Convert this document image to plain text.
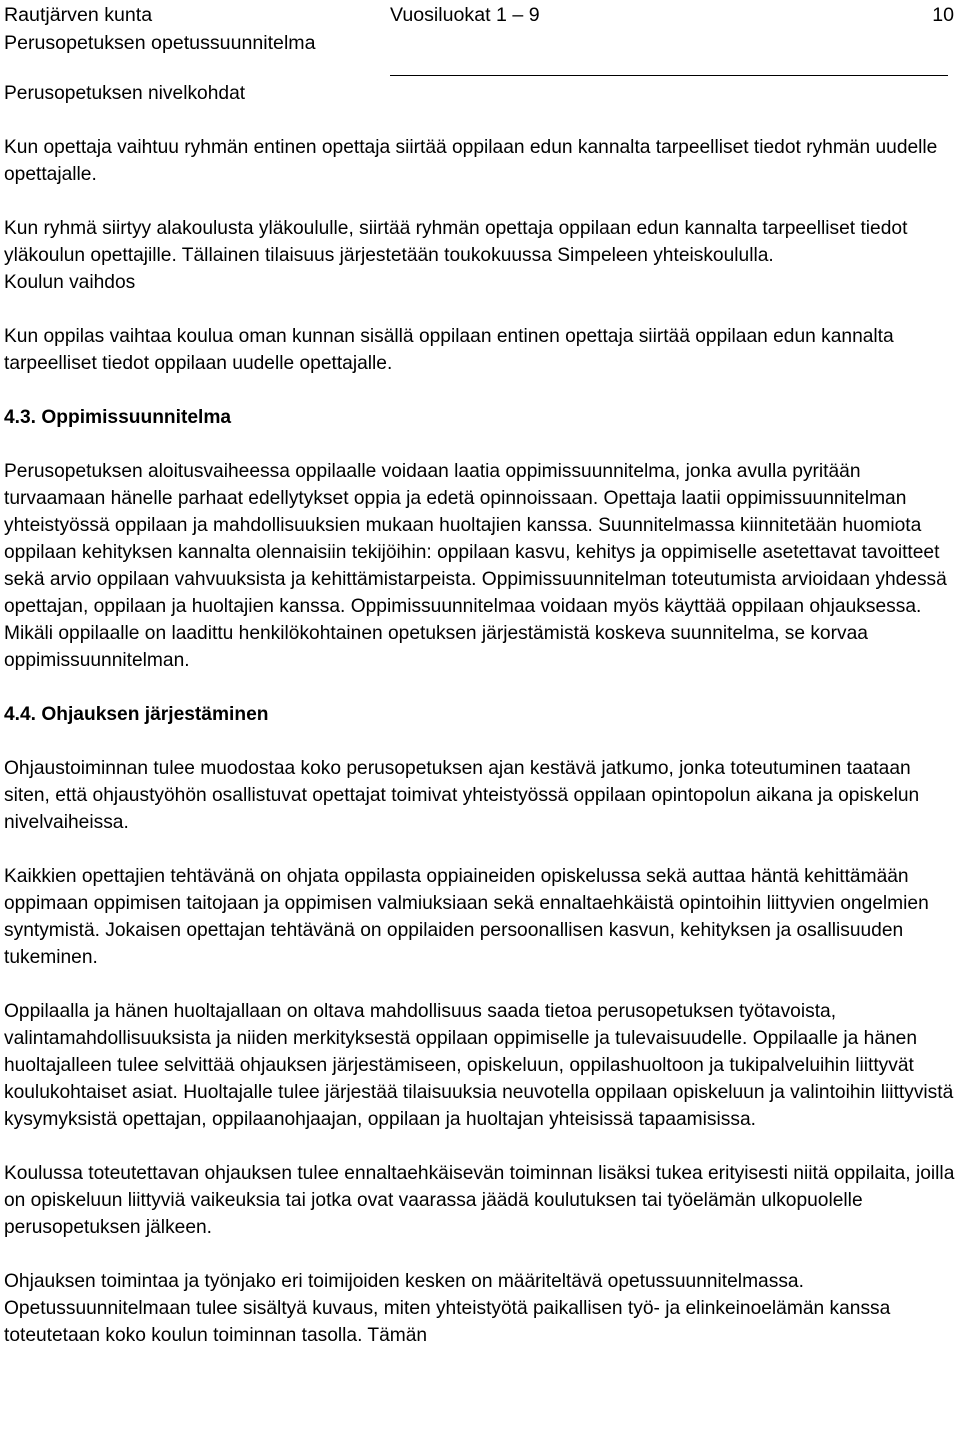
Rautjärven kunta	Vuosiluokat 1 – 9	10
Perusopetuksen opetussuunnitelma
Perusopetuksen nivelkohdat

Kun opettaja vaihtuu ryhmän entinen opettaja siirtää oppilaan edun kannalta tarpeelliset tiedot ryhmän uudelle opettajalle.

Kun ryhmä siirtyy alakoulusta yläkoululle, siirtää ryhmän opettaja oppilaan edun kannalta tarpeelliset tiedot yläkoulun opettajille. Tällainen tilaisuus järjestetään toukokuussa Simpeleen yhteiskoululla.

Koulun vaihdos

Kun oppilas vaihtaa koulua oman kunnan sisällä oppilaan entinen opettaja siirtää oppilaan edun kannalta tarpeelliset tiedot oppilaan uudelle opettajalle.

4.3. Oppimissuunnitelma

Perusopetuksen aloitusvaiheessa oppilaalle voidaan laatia oppimissuunnitelma, jonka avulla pyritään turvaamaan hänelle parhaat edellytykset oppia ja edetä opinnoissaan. Opettaja laatii oppimissuunnitelman yhteistyössä oppilaan ja mahdollisuuksien mukaan huoltajien kanssa. Suunnitelmassa kiinnitetään huomiota oppilaan kehityksen kannalta olennaisiin tekijöihin: oppilaan kasvu, kehitys ja oppimiselle asetettavat tavoitteet sekä arvio oppilaan vahvuuksista ja kehittämistarpeista. Oppimissuunnitelman toteutumista arvioidaan yhdessä opettajan, oppilaan ja huoltajien kanssa. Oppimissuunnitelmaa voidaan myös käyttää oppilaan ohjauksessa. Mikäli oppilaalle on laadittu henkilökohtainen opetuksen järjestämistä koskeva suunnitelma, se korvaa oppimissuunnitelman.

4.4. Ohjauksen järjestäminen

Ohjaustoiminnan tulee muodostaa koko perusopetuksen ajan kestävä jatkumo, jonka toteutuminen taataan siten, että ohjaustyöhön osallistuvat opettajat toimivat yhteistyössä oppilaan opintopolun aikana ja opiskelun nivelvaiheissa.

Kaikkien opettajien tehtävänä on ohjata oppilasta oppiaineiden opiskelussa sekä auttaa häntä kehittämään oppimaan oppimisen taitojaan ja oppimisen valmiuksiaan sekä ennaltaehkäistä opintoihin liittyvien ongelmien syntymistä. Jokaisen opettajan tehtävänä on oppilaiden persoonallisen kasvun, kehityksen ja osallisuuden tukeminen.

Oppilaalla ja hänen huoltajallaan on oltava mahdollisuus saada tietoa perusopetuksen työtavoista, valintamahdollisuuksista ja niiden merkityksestä oppilaan oppimiselle ja tulevaisuudelle. Oppilaalle ja hänen huoltajalleen tulee selvittää ohjauksen järjestämiseen, opiskeluun, oppilashuoltoon ja tukipalveluihin liittyvät koulukohtaiset asiat. Huoltajalle tulee järjestää tilaisuuksia neuvotella oppilaan opiskeluun ja valintoihin liittyvistä kysymyksistä opettajan, oppilaanohjaajan, oppilaan ja huoltajan yhteisissä tapaamisissa.

Koulussa toteutettavan ohjauksen tulee ennaltaehkäisevän toiminnan lisäksi tukea erityisesti niitä oppilaita, joilla on opiskeluun liittyviä vaikeuksia tai jotka ovat vaarassa jäädä koulutuksen tai työelämän ulkopuolelle perusopetuksen jälkeen.

Ohjauksen toimintaa ja työnjako eri toimijoiden kesken on määriteltävä opetussuunnitelmassa. Opetussuunnitelmaan tulee sisältyä kuvaus, miten yhteistyötä paikallisen työ- ja elinkeinoelämän kanssa toteutetaan koko koulun toiminnan tasolla. Tämän
